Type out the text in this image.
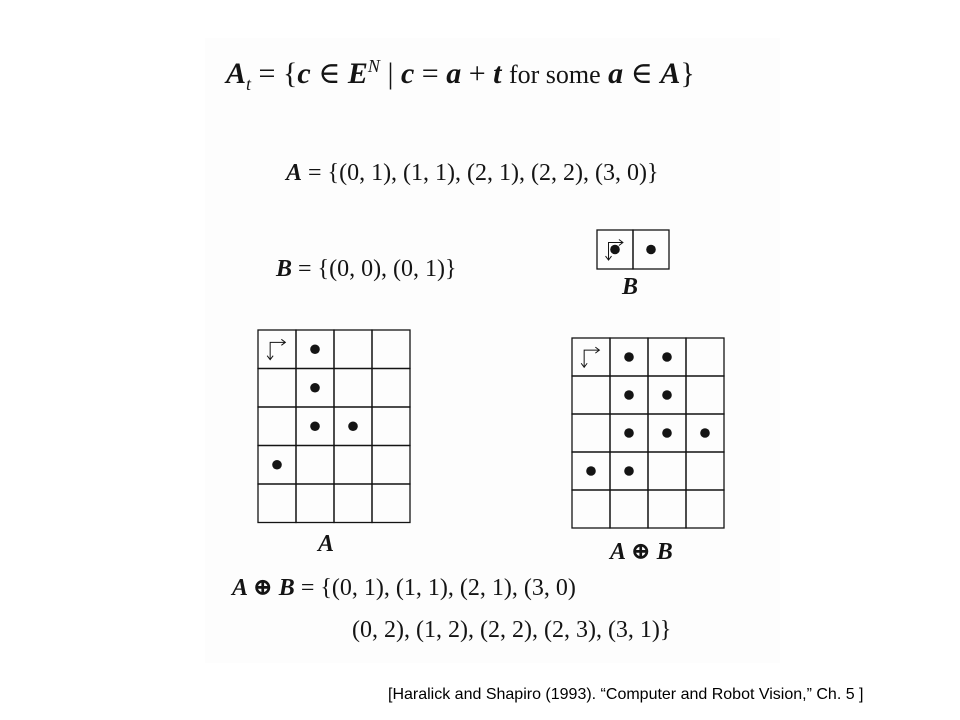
$A_t = \{c$ ∈ $E^N$ | c = a + t for some a ∈ A}
A = {(0, 1), (1, 1), (2, 1), (2, 2), (3, 0)}
B = {(0, 0), (0, 1)}
B
A	A ⊕ B
A ⊕ B = {(0, 1), (1, 1), (2, 1), (3, 0)
(0, 2), (1, 2), (2, 2), (2, 3), (3, 1)}
[Haralick and Shapiro (1993). “Computer and Robot Vision,” Ch. 5 ]
